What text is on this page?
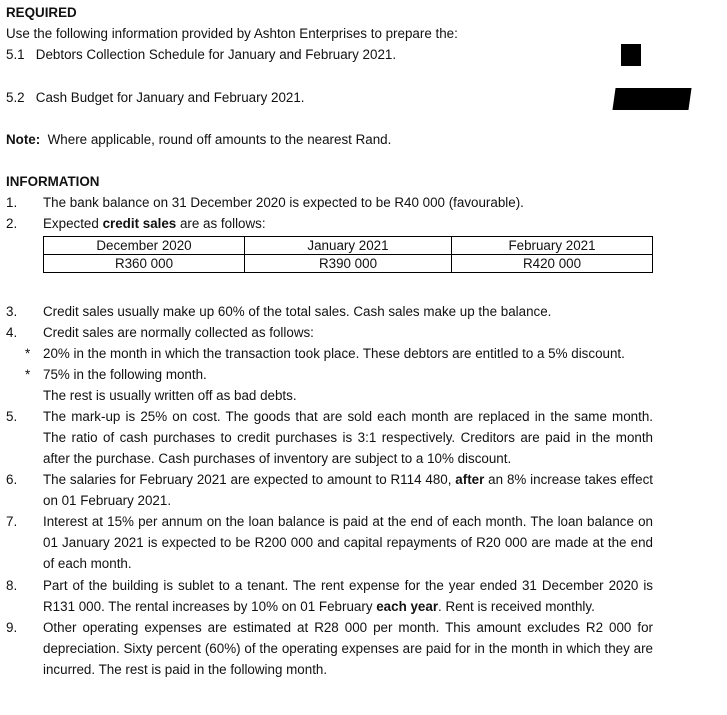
REQUIRED
Use the following information provided by Ashton Enterprises to prepare the:
5.1 Debtors Collection Schedule for January and February 2021.
5.2 Cash Budget for January and February 2021.
Note: Where applicable, round off amounts to the nearest Rand.
INFORMATION
1. The bank balance on 31 December 2020 is expected to be R40 000 (favourable).
2. Expected credit sales are as follows:
December 2020	January 2021	February 2021
R360 000	R390 000	R420 000
3. Credit sales usually make up 60% of the total sales. Cash sales make up the balance.
4. Credit sales are normally collected as follows:
* 20% in the month in which the transaction took place. These debtors are entitled to a 5% discount.
* 75% in the following month.
The rest is usually written off as bad debts.
5. The mark-up is 25% on cost. The goods that are sold each month are replaced in the same month. The ratio of cash purchases to credit purchases is 3:1 respectively. Creditors are paid in the month after the purchase. Cash purchases of inventory are subject to a 10% discount.
6. The salaries for February 2021 are expected to amount to R114 480, after an 8% increase takes effect on 01 February 2021.
7. Interest at 15% per annum on the loan balance is paid at the end of each month. The loan balance on 01 January 2021 is expected to be R200 000 and capital repayments of R20 000 are made at the end of each month.
8. Part of the building is sublet to a tenant. The rent expense for the year ended 31 December 2020 is R131 000. The rental increases by 10% on 01 February each year. Rent is received monthly.
9. Other operating expenses are estimated at R28 000 per month. This amount excludes R2 000 for depreciation. Sixty percent (60%) of the operating expenses are paid for in the month in which they are incurred. The rest is paid in the following month.
